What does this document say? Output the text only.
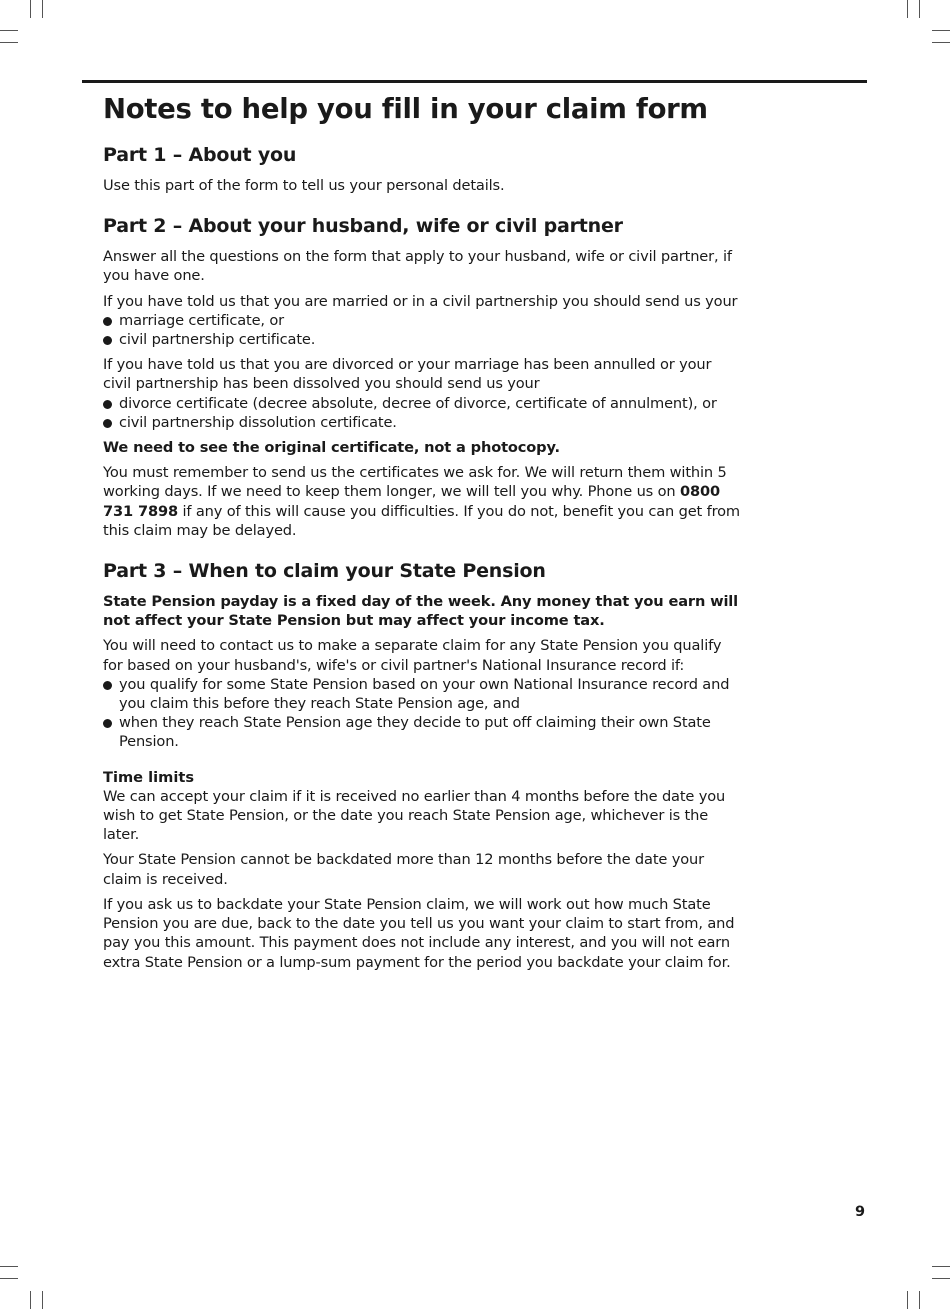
Notes to help you fill in your claim form
Part 1 – About you

Use this part of the form to tell us your personal details.

Part 2 – About your husband, wife or civil partner

Answer all the questions on the form that apply to your husband, wife or civil partner, if you have one.

If you have told us that you are married or in a civil partnership you should send us your

marriage certificate, or
civil partnership certificate.

If you have told us that you are divorced or your marriage has been annulled or your civil partnership has been dissolved you should send us your

divorce certificate (decree absolute, decree of divorce, certificate of annulment), or
civil partnership dissolution certificate.

We need to see the original certificate, not a photocopy.

You must remember to send us the certificates we ask for. We will return them within 5 working days. If we need to keep them longer, we will tell you why. Phone us on 0800 731 7898 if any of this will cause you difficulties. If you do not, benefit you can get from this claim may be delayed.

Part 3 – When to claim your State Pension

State Pension payday is a fixed day of the week. Any money that you earn will not affect your State Pension but may affect your income tax.

You will need to contact us to make a separate claim for any State Pension you qualify for based on your husband's, wife's or civil partner's National Insurance record if:

you qualify for some State Pension based on your own National Insurance record and you claim this before they reach State Pension age, and
when they reach State Pension age they decide to put off claiming their own State Pension.
Time limits

We can accept your claim if it is received no earlier than 4 months before the date you wish to get State Pension, or the date you reach State Pension age, whichever is the later.

Your State Pension cannot be backdated more than 12 months before the date your claim is received.

If you ask us to backdate your State Pension claim, we will work out how much State Pension you are due, back to the date you tell us you want your claim to start from, and pay you this amount. This payment does not include any interest, and you will not earn extra State Pension or a lump-sum payment for the period you backdate your claim for.

9
